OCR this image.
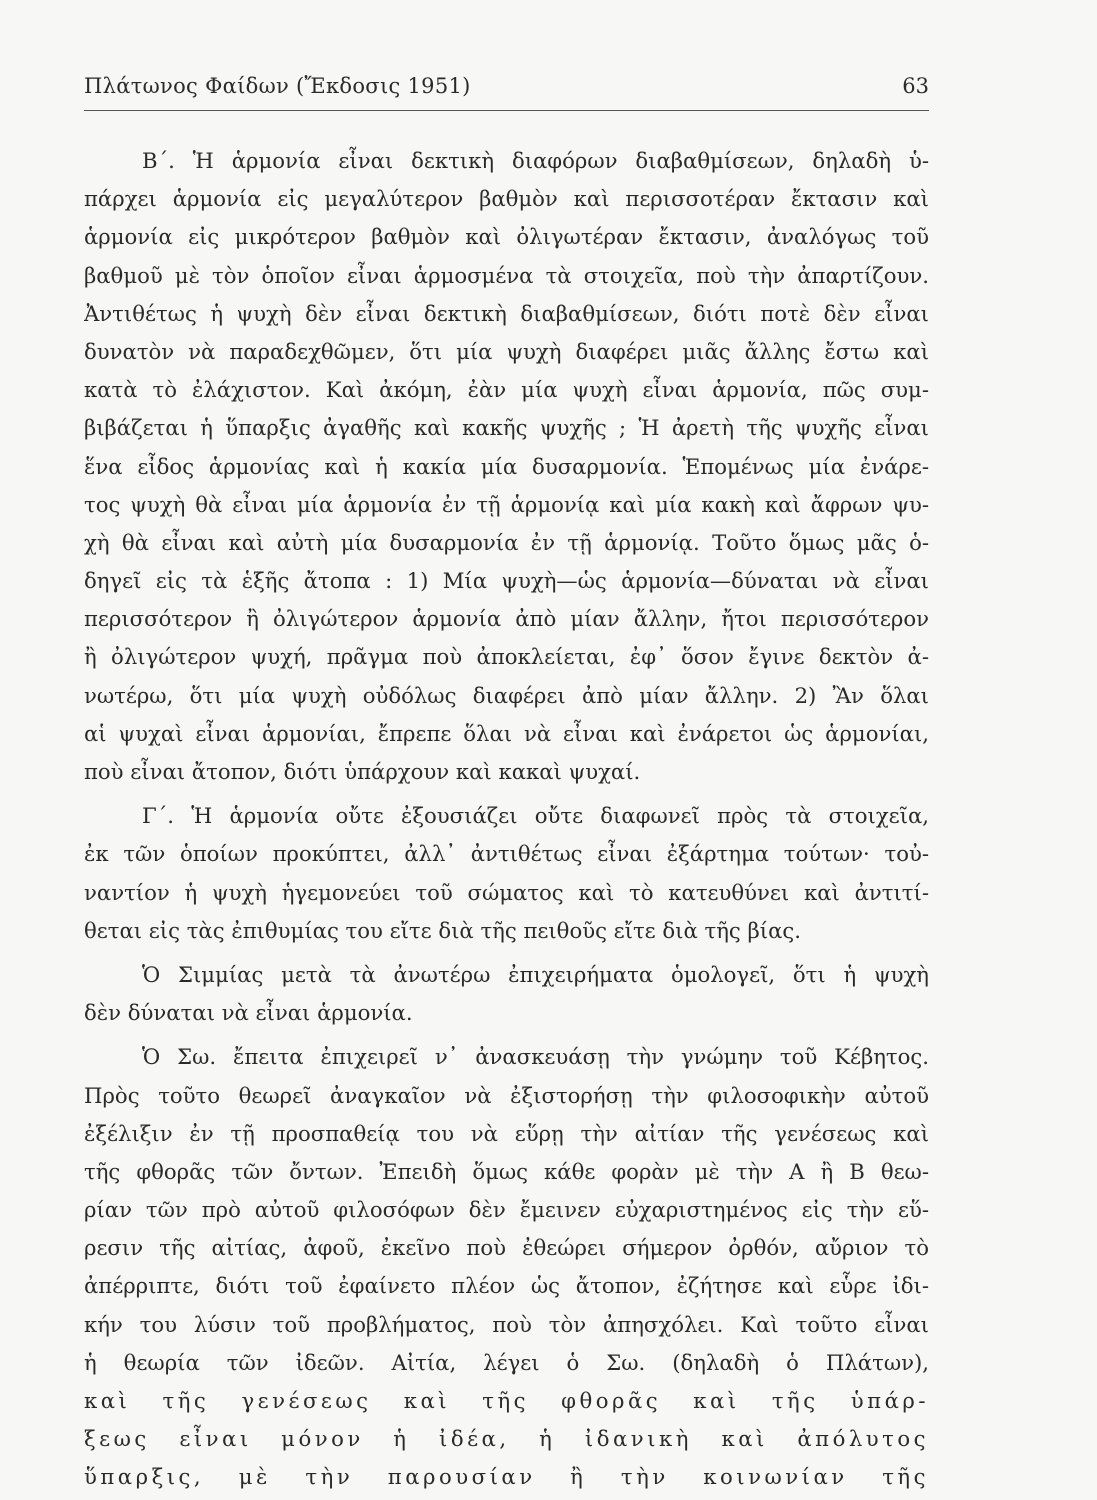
Πλάτωνος Φαίδων (Ἔκδοσις 1951)	63
Β΄. Ἡ ἁρμονία εἶναι δεκτικὴ διαφόρων διαβαθμίσεων, δηλαδὴ ὑ-
πάρχει ἁρμονία εἰς μεγαλύτερον βαθμὸν καὶ περισσοτέραν ἔκτασιν καὶ
ἁρμονία εἰς μικρότερον βαθμὸν καὶ ὀλιγωτέραν ἔκτασιν, ἀναλόγως τοῦ
βαθμοῦ μὲ τὸν ὁποῖον εἶναι ἁρμοσμένα τὰ στοιχεῖα, ποὺ τὴν ἀπαρτίζουν.
Ἀντιθέτως ἡ ψυχὴ δὲν εἶναι δεκτικὴ διαβαθμίσεων, διότι ποτὲ δὲν εἶναι
δυνατὸν νὰ παραδεχθῶμεν, ὅτι μία ψυχὴ διαφέρει μιᾶς ἄλλης ἔστω καὶ
κατὰ τὸ ἐλάχιστον. Καὶ ἀκόμη, ἐὰν μία ψυχὴ εἶναι ἁρμονία, πῶς συμ-
βιβάζεται ἡ ὕπαρξις ἀγαθῆς καὶ κακῆς ψυχῆς ; Ἡ ἀρετὴ τῆς ψυχῆς εἶναι
ἕνα εἶδος ἁρμονίας καὶ ἡ κακία μία δυσαρμονία. Ἑπομένως μία ἐνάρε-
τος ψυχὴ θὰ εἶναι μία ἁρμονία ἐν τῇ ἁρμονίᾳ καὶ μία κακὴ καὶ ἄφρων ψυ-
χὴ θὰ εἶναι καὶ αὐτὴ μία δυσαρμονία ἐν τῇ ἁρμονίᾳ. Τοῦτο ὅμως μᾶς ὁ-
δηγεῖ εἰς τὰ ἑξῆς ἄτοπα : 1) Μία ψυχὴ—ὡς ἁρμονία—δύναται νὰ εἶναι
περισσότερον ἢ ὀλιγώτερον ἁρμονία ἀπὸ μίαν ἄλλην, ἤτοι περισσότερον
ἢ ὀλιγώτερον ψυχή, πρᾶγμα ποὺ ἀποκλείεται, ἐφ᾽ ὅσον ἔγινε δεκτὸν ἀ-
νωτέρω, ὅτι μία ψυχὴ οὐδόλως διαφέρει ἀπὸ μίαν ἄλλην. 2) Ἂν ὅλαι
αἱ ψυχαὶ εἶναι ἁρμονίαι, ἔπρεπε ὅλαι νὰ εἶναι καὶ ἐνάρετοι ὡς ἁρμονίαι,
ποὺ εἶναι ἄτοπον, διότι ὑπάρχουν καὶ κακαὶ ψυχαί.
Γ΄. Ἡ ἁρμονία οὔτε ἐξουσιάζει οὔτε διαφωνεῖ πρὸς τὰ στοιχεῖα,
ἐκ τῶν ὁποίων προκύπτει, ἀλλ᾽ ἀντιθέτως εἶναι ἐξάρτημα τούτων· τοὐ-
ναντίον ἡ ψυχὴ ἡγεμονεύει τοῦ σώματος καὶ τὸ κατευθύνει καὶ ἀντιτί-
θεται εἰς τὰς ἐπιθυμίας του εἴτε διὰ τῆς πειθοῦς εἴτε διὰ τῆς βίας.
Ὁ Σιμμίας μετὰ τὰ ἀνωτέρω ἐπιχειρήματα ὁμολογεῖ, ὅτι ἡ ψυχὴ
δὲν δύναται νὰ εἶναι ἁρμονία.
Ὁ Σω. ἔπειτα ἐπιχειρεῖ ν᾽ ἀνασκευάσῃ τὴν γνώμην τοῦ Κέβητος.
Πρὸς τοῦτο θεωρεῖ ἀναγκαῖον νὰ ἐξιστορήσῃ τὴν φιλοσοφικὴν αὐτοῦ
ἐξέλιξιν ἐν τῇ προσπαθείᾳ του νὰ εὕρῃ τὴν αἰτίαν τῆς γενέσεως καὶ
τῆς φθορᾶς τῶν ὄντων. Ἐπειδὴ ὅμως κάθε φορὰν μὲ τὴν Α ἢ Β θεω-
ρίαν τῶν πρὸ αὐτοῦ φιλοσόφων δὲν ἔμεινεν εὐχαριστημένος εἰς τὴν εὕ-
ρεσιν τῆς αἰτίας, ἀφοῦ, ἐκεῖνο ποὺ ἐθεώρει σήμερον ὀρθόν, αὔριον τὸ
ἀπέρριπτε, διότι τοῦ ἐφαίνετο πλέον ὡς ἄτοπον, ἐζήτησε καὶ εὗρε ἰδι-
κήν του λύσιν τοῦ προβλήματος, ποὺ τὸν ἀπησχόλει. Καὶ τοῦτο εἶναι
ἡ θεωρία τῶν ἰδεῶν. Αἰτία, λέγει ὁ Σω. (δηλαδὴ ὁ Πλάτων),
καὶ τῆς γενέσεως καὶ τῆς φθορᾶς καὶ τῆς ὑπάρ-
ξεως εἶναι μόνον ἡ ἰδέα, ἡ ἰδανικὴ καὶ ἀπόλυτος
ὕπαρξις, μὲ τὴν παρουσίαν ἢ τὴν κοινωνίαν τῆς
